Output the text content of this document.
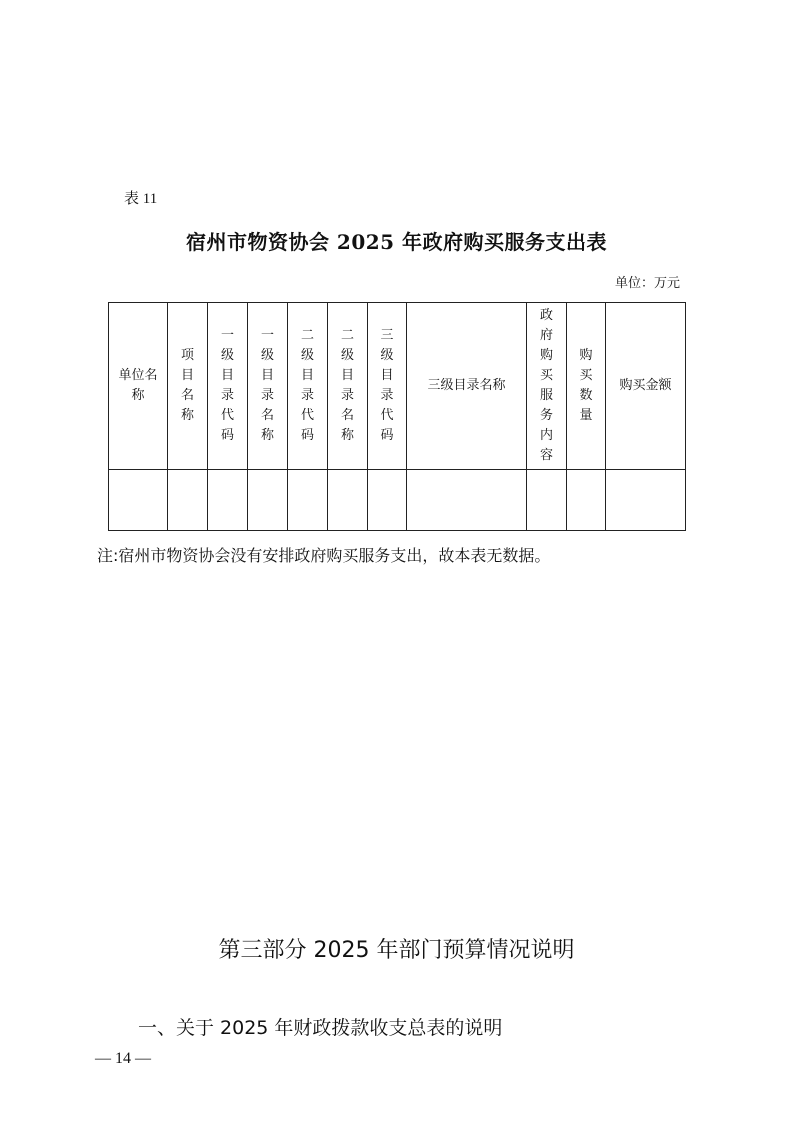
表 11
宿州市物资协会 2025 年政府购买服务支出表
单位：万元
单位名称	项目名称	一级目录代码	一级目录名称	二级目录代码	二级目录名称	三级目录代码	三级目录名称	政府购买服务内容	购买数量	购买金额

注:宿州市物资协会没有安排政府购买服务支出，故本表无数据。
第三部分 2025 年部门预算情况说明
一、关于 2025 年财政拨款收支总表的说明
— 14 —
